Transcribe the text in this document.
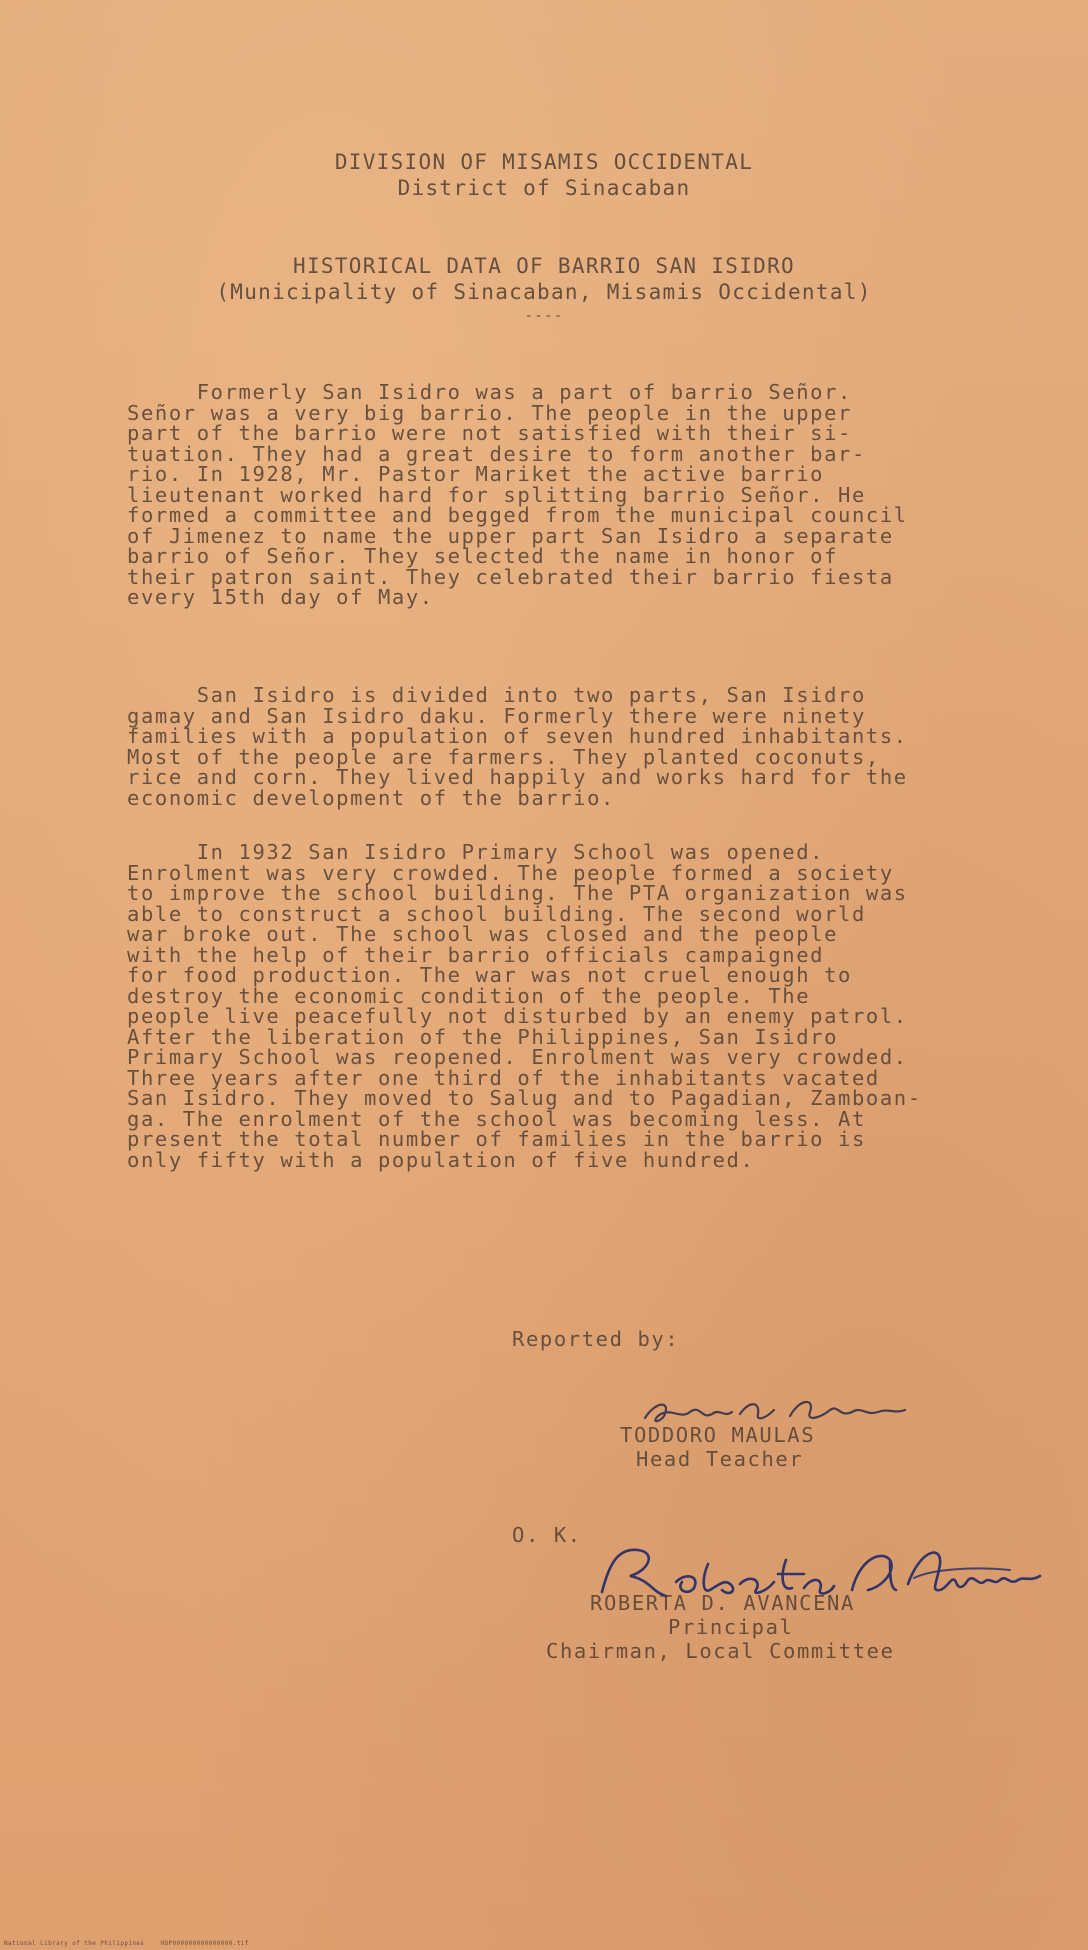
DIVISION OF MISAMIS OCCIDENTAL
District of Sinacaban
HISTORICAL DATA OF BARRIO SAN ISIDRO
(Municipality of Sinacaban, Misamis Occidental)
----
Formerly San Isidro was a part of barrio Señor.
Señor was a very big barrio. The people in the upper
part of the barrio were not satisfied with their si-
tuation. They had a great desire to form another bar-
rio. In 1928, Mr. Pastor Mariket the active barrio
lieutenant worked hard for splitting barrio Señor. He
formed a committee and begged from the municipal council
of Jimenez to name the upper part San Isidro a separate
barrio of Señor. They selected the name in honor of
their patron saint. They celebrated their barrio fiesta
every 15th day of May.
San Isidro is divided into two parts, San Isidro
gamay and San Isidro daku. Formerly there were ninety
families with a population of seven hundred inhabitants.
Most of the people are farmers. They planted coconuts,
rice and corn. They lived happily and works hard for the
economic development of the barrio.
In 1932 San Isidro Primary School was opened.
Enrolment was very crowded. The people formed a society
to improve the school building. The PTA organization was
able to construct a school building. The second world
war broke out. The school was closed and the people
with the help of their barrio officials campaigned
for food production. The war was not cruel enough to
destroy the economic condition of the people. The
people live peacefully not disturbed by an enemy patrol.
After the liberation of the Philippines, San Isidro
Primary School was reopened. Enrolment was very crowded.
Three years after one third of the inhabitants vacated
San Isidro. They moved to Salug and to Pagadian, Zamboan-
ga. The enrolment of the school was becoming less. At
present the total number of families in the barrio is
only fifty with a population of five hundred.
Reported by:
TODDORO MAULAS
Head Teacher
O. K.
ROBERTA D. AVANCENA
Principal
Chairman, Local Committee
National Library of the Philippines    HDP000000000000000.tif
